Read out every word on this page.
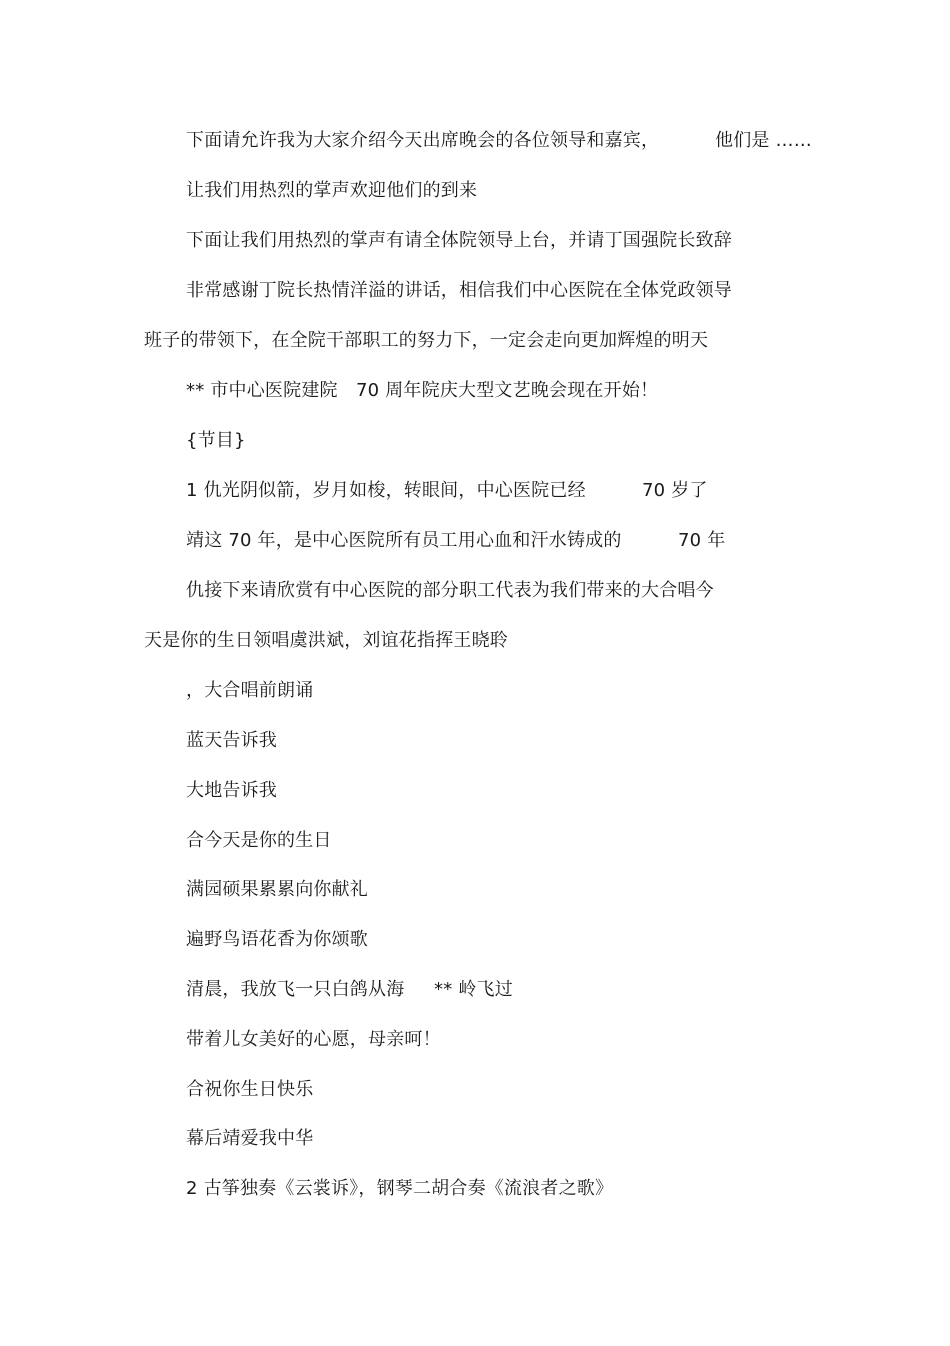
下面请允许我为大家介绍今天出席晚会的各位领导和嘉宾，	他们是 ……
让我们用热烈的掌声欢迎他们的到来
下面让我们用热烈的掌声有请全体院领导上台，并请丁国强院长致辞
非常感谢丁院长热情洋溢的讲话，相信我们中心医院在全体党政领导
班子的带领下，在全院干部职工的努力下，一定会走向更加辉煌的明天
** 市中心医院建院 70 周年院庆大型文艺晚会现在开始！
{节目}
1 仇光阴似箭，岁月如梭，转眼间，中心医院已经	70 岁了
靖这 70 年，是中心医院所有员工用心血和汗水铸成的	70 年
仇接下来请欣赏有中心医院的部分职工代表为我们带来的大合唱今
天是你的生日领唱虞洪斌，刘谊花指挥王晓聆
，大合唱前朗诵
蓝天告诉我
大地告诉我
合今天是你的生日
满园硕果累累向你献礼
遍野鸟语花香为你颂歌
清晨，我放飞一只白鸽从海 ** 岭飞过
带着儿女美好的心愿，母亲呵！
合祝你生日快乐
幕后靖爱我中华
2 古筝独奏《云裳诉》，钢琴二胡合奏《流浪者之歌》
